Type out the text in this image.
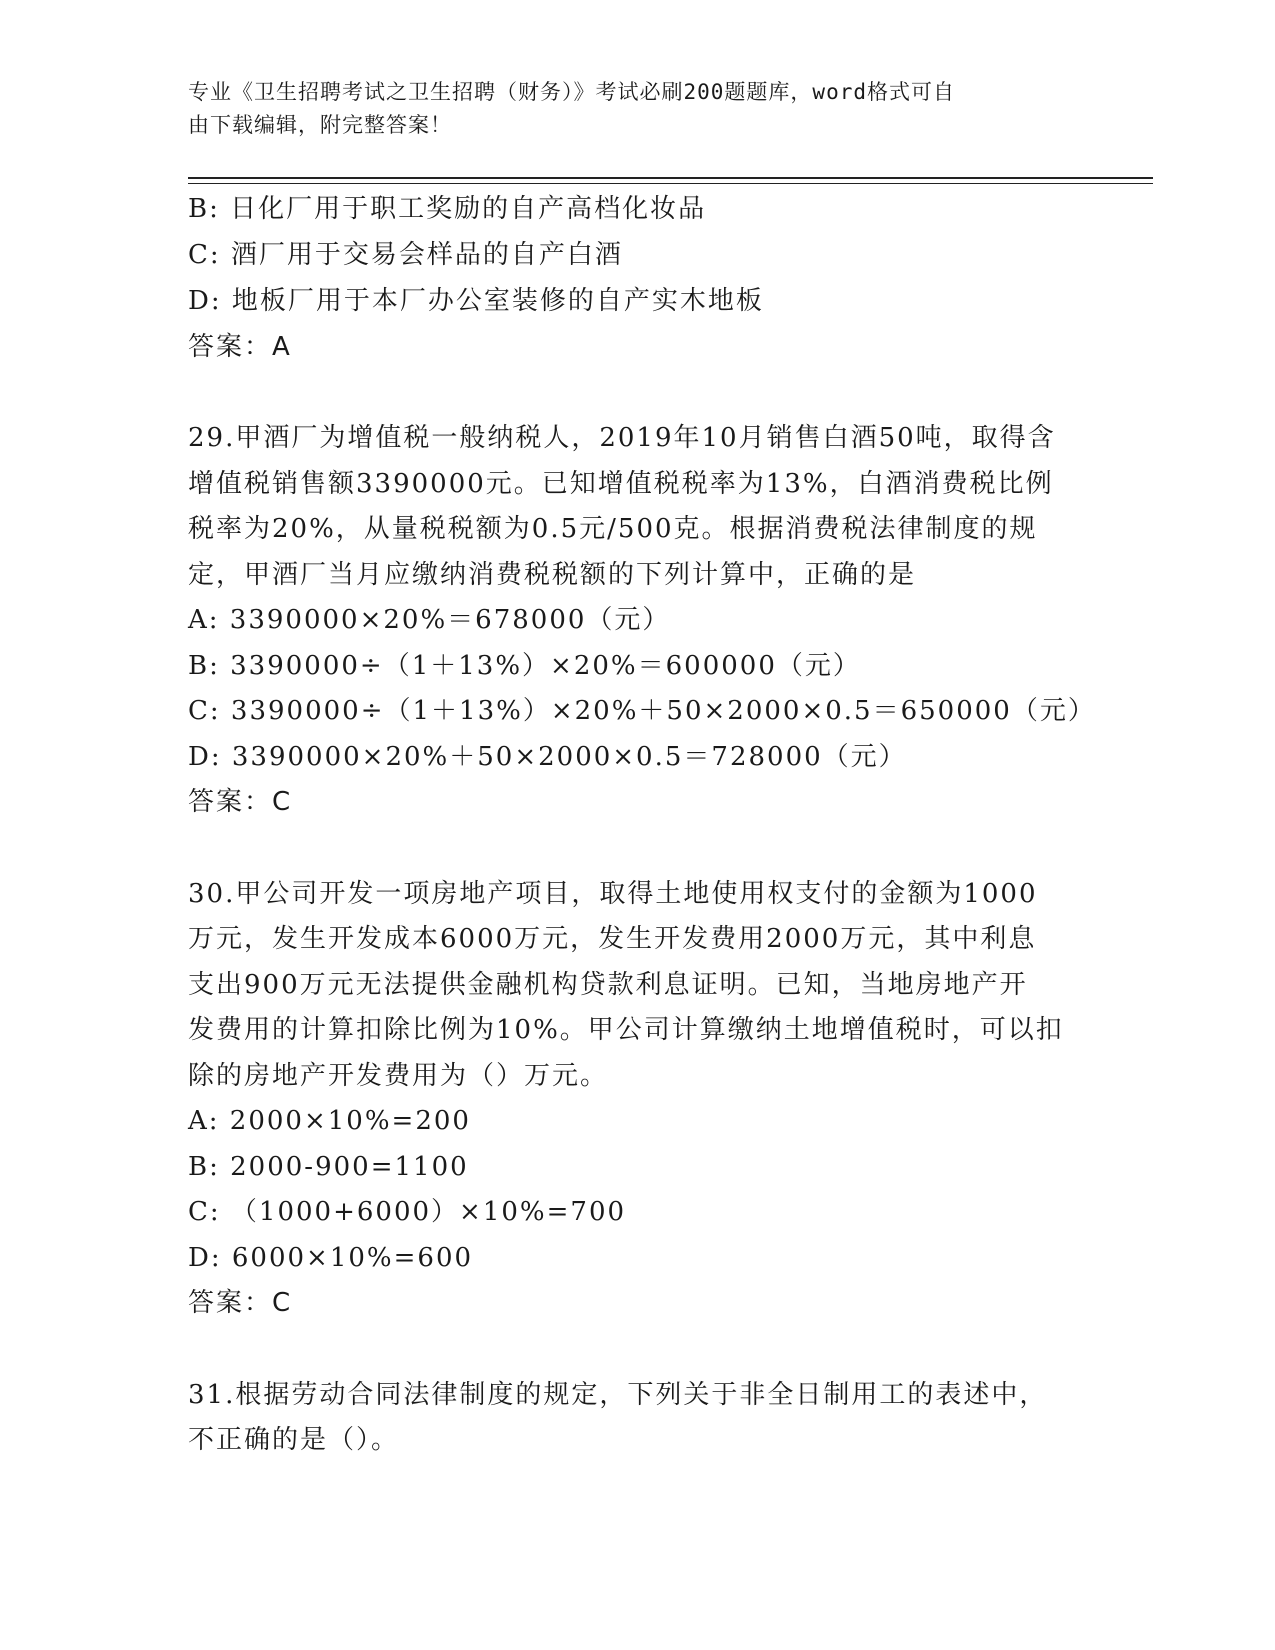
专业《卫生招聘考试之卫生招聘（财务）》考试必刷200题题库，word格式可自
由下载编辑，附完整答案！
B: 日化厂用于职工奖励的自产高档化妆品
C: 酒厂用于交易会样品的自产白酒
D: 地板厂用于本厂办公室装修的自产实木地板
答案：A
29.甲酒厂为增值税一般纳税人，2019年10月销售白酒50吨，取得含
增值税销售额3390000元。已知增值税税率为13%，白酒消费税比例
税率为20%，从量税税额为0.5元/500克。根据消费税法律制度的规
定，甲酒厂当月应缴纳消费税税额的下列计算中，正确的是
A: 3390000×20%＝678000（元）
B: 3390000÷（1＋13%）×20%＝600000（元）
C: 3390000÷（1＋13%）×20%＋50×2000×0.5＝650000（元）
D: 3390000×20%＋50×2000×0.5＝728000（元）
答案：C
30.甲公司开发一项房地产项目，取得土地使用权支付的金额为1000
万元，发生开发成本6000万元，发生开发费用2000万元，其中利息
支出900万元无法提供金融机构贷款利息证明。已知，当地房地产开
发费用的计算扣除比例为10%。甲公司计算缴纳土地增值税时，可以扣
除的房地产开发费用为（）万元。
A: 2000×10%=200
B: 2000-900=1100
C: （1000+6000）×10%=700
D: 6000×10%=600
答案：C
31.根据劳动合同法律制度的规定，下列关于非全日制用工的表述中，
不正确的是（）。
